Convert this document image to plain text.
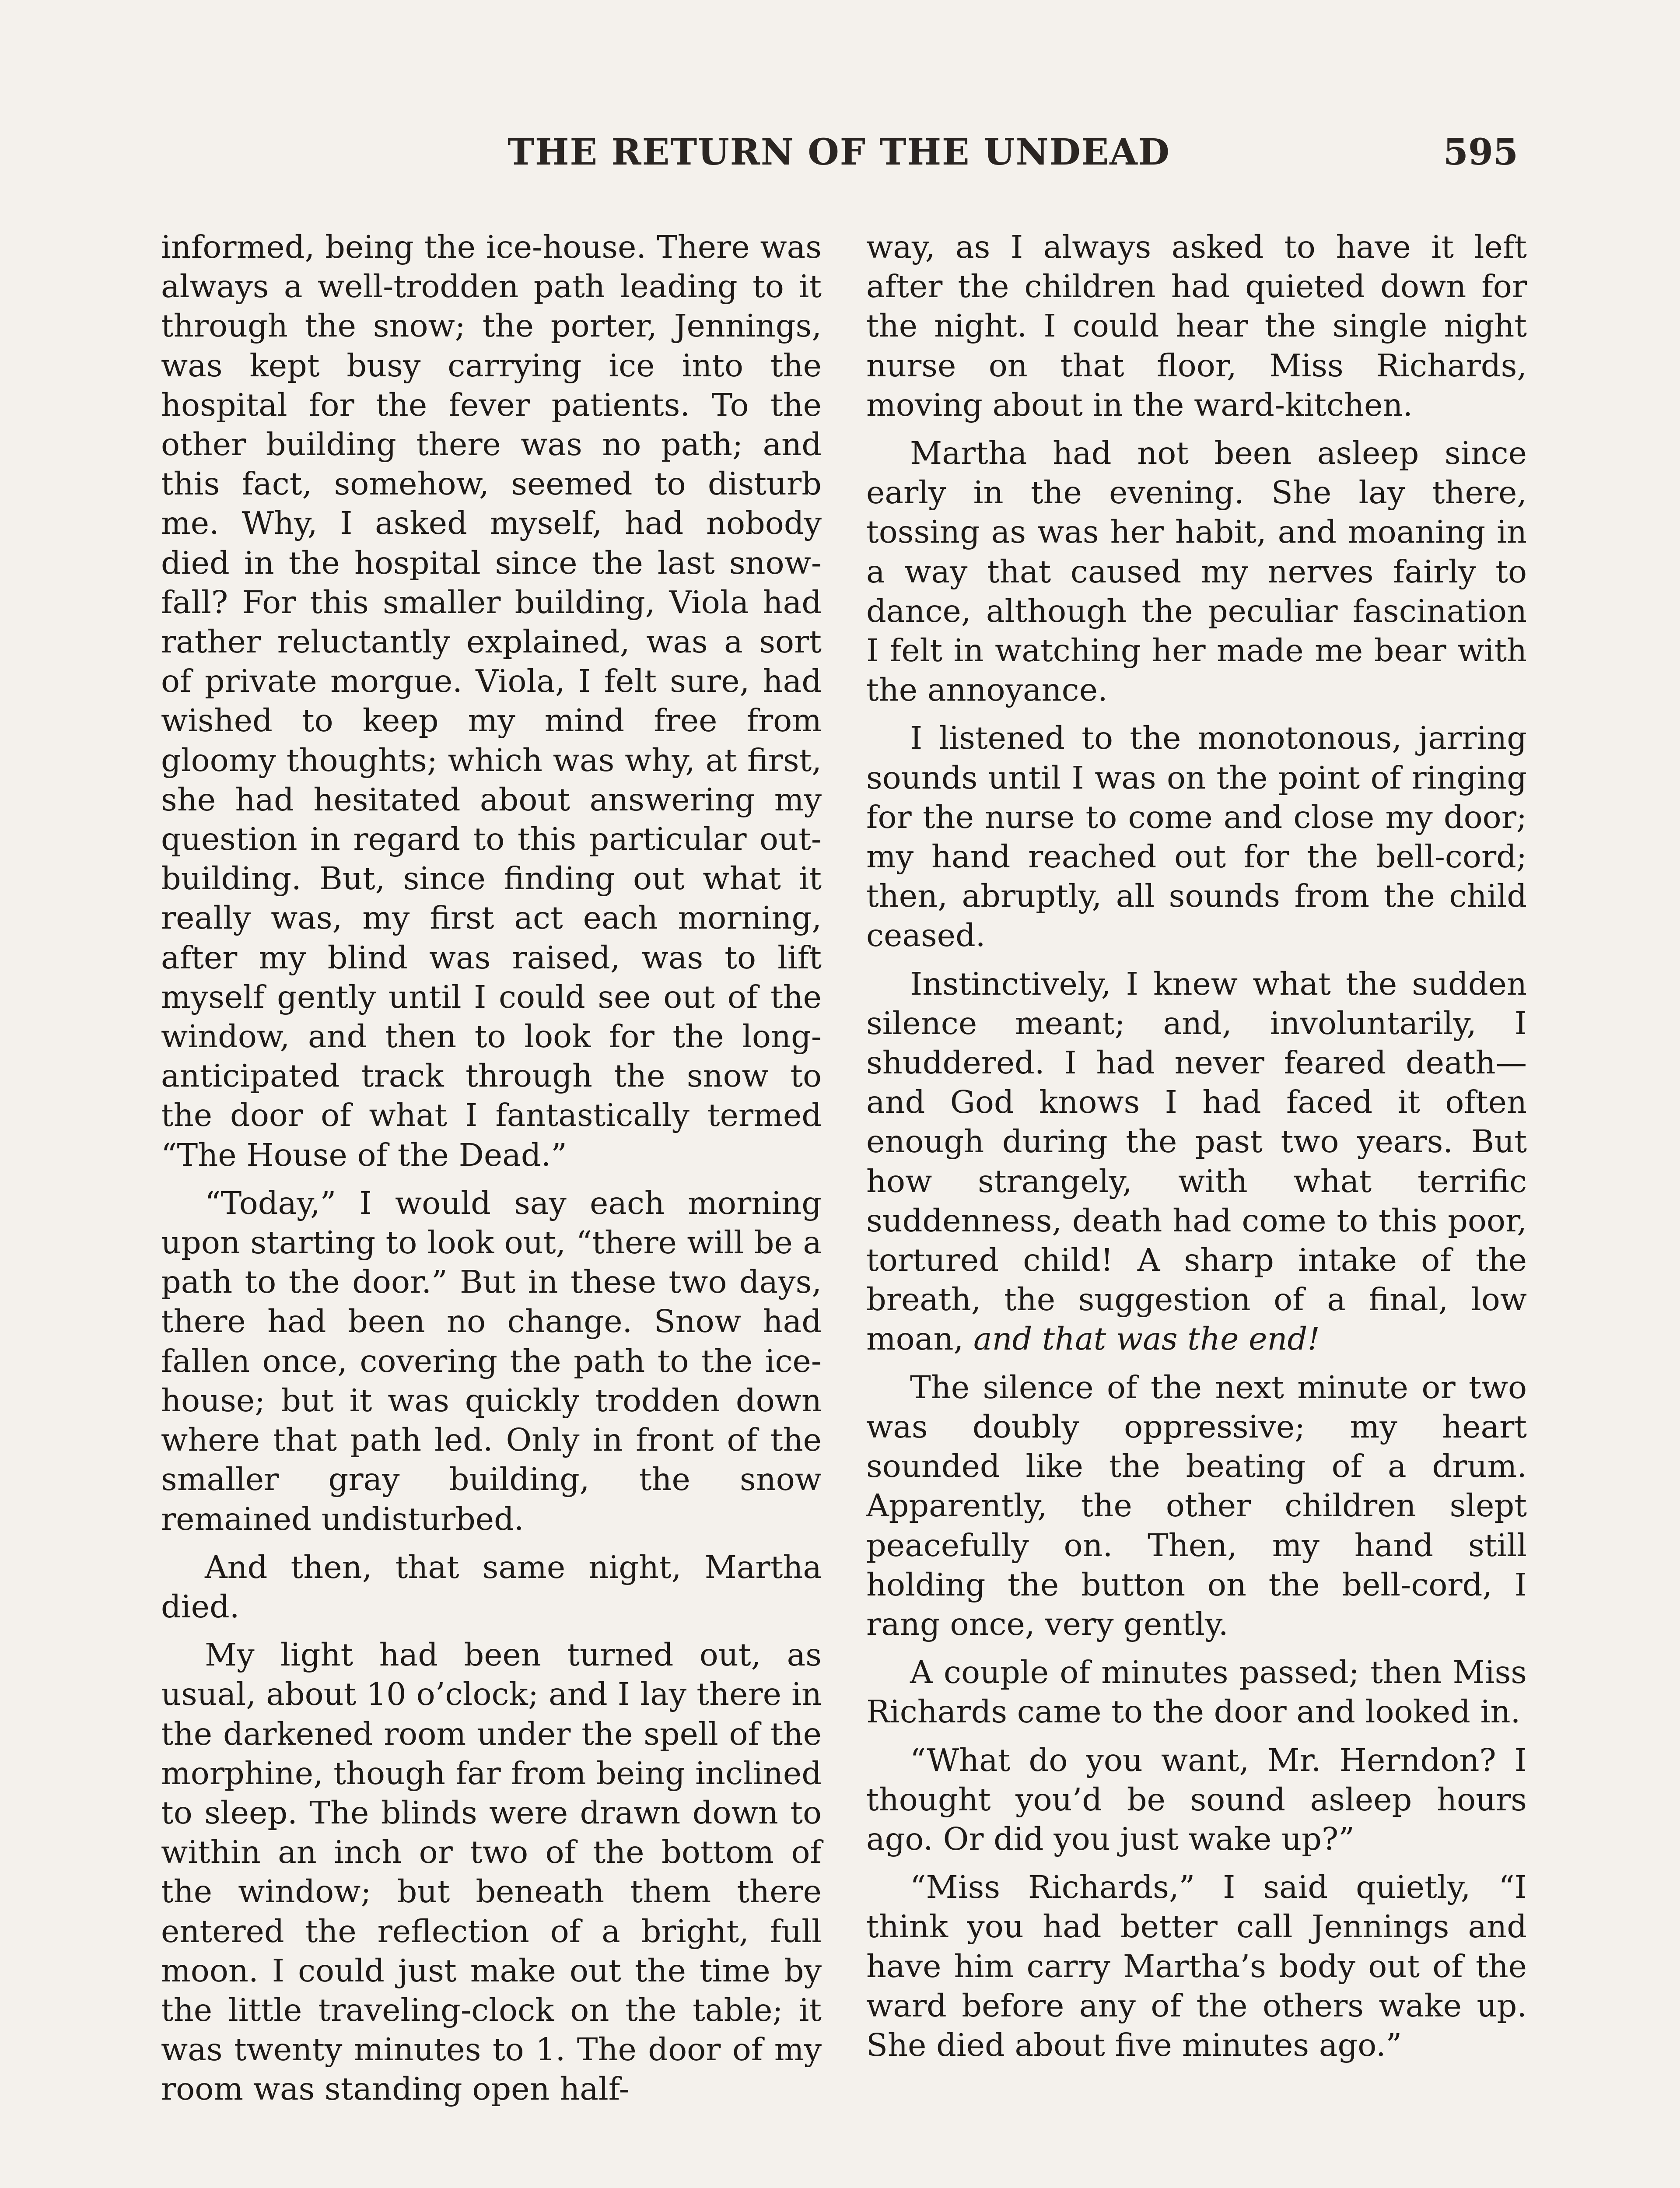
THE RETURN OF THE UNDEAD	595

informed, being the ice-house. There was always a well-trodden path leading to it through the snow; the porter, Jennings, was kept busy carrying ice into the hospital for the fever patients. To the other building there was no path; and this fact, somehow, seemed to disturb me. Why, I asked myself, had nobody died in the hospital since the last snow-fall? For this smaller building, Viola had rather reluctantly explained, was a sort of private morgue. Viola, I felt sure, had wished to keep my mind free from gloomy thoughts; which was why, at first, she had hesitated about answering my question in regard to this particular out-building. But, since finding out what it really was, my first act each morning, after my blind was raised, was to lift myself gently until I could see out of the window, and then to look for the long-anticipated track through the snow to the door of what I fantastically termed “The House of the Dead.”

“Today,” I would say each morning upon starting to look out, “there will be a path to the door.” But in these two days, there had been no change. Snow had fallen once, covering the path to the ice-house; but it was quickly trodden down where that path led. Only in front of the smaller gray building, the snow remained undisturbed.

And then, that same night, Martha died.

My light had been turned out, as usual, about 10 o’clock; and I lay there in the darkened room under the spell of the morphine, though far from being inclined to sleep. The blinds were drawn down to within an inch or two of the bottom of the window; but beneath them there entered the reflection of a bright, full moon. I could just make out the time by the little traveling-clock on the table; it was twenty minutes to 1. The door of my room was standing open half-

way, as I always asked to have it left after the children had quieted down for the night. I could hear the single night nurse on that floor, Miss Richards, moving about in the ward-kitchen.

Martha had not been asleep since early in the evening. She lay there, tossing as was her habit, and moaning in a way that caused my nerves fairly to dance, although the peculiar fascination I felt in watching her made me bear with the annoyance.

I listened to the monotonous, jarring sounds until I was on the point of ringing for the nurse to come and close my door; my hand reached out for the bell-cord; then, abruptly, all sounds from the child ceased.

Instinctively, I knew what the sudden silence meant; and, involuntarily, I shuddered. I had never feared death—and God knows I had faced it often enough during the past two years. But how strangely, with what terrific suddenness, death had come to this poor, tortured child! A sharp intake of the breath, the suggestion of a final, low moan, and that was the end!

The silence of the next minute or two was doubly oppressive; my heart sounded like the beating of a drum. Apparently, the other children slept peacefully on. Then, my hand still holding the button on the bell-cord, I rang once, very gently.

A couple of minutes passed; then Miss Richards came to the door and looked in.

“What do you want, Mr. Herndon? I thought you’d be sound asleep hours ago. Or did you just wake up?”

“Miss Richards,” I said quietly, “I think you had better call Jennings and have him carry Martha’s body out of the ward before any of the others wake up. She died about five minutes ago.”
